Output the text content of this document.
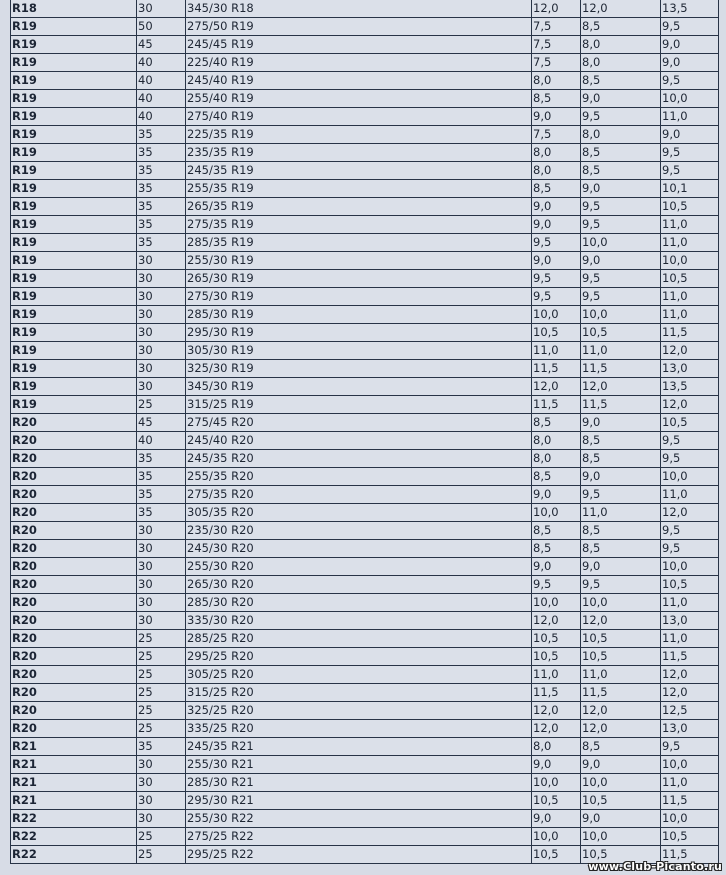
R18	30	345/30 R18	12,0	12,0	13,5
R19	50	275/50 R19	7,5	8,5	9,5
R19	45	245/45 R19	7,5	8,0	9,0
R19	40	225/40 R19	7,5	8,0	9,0
R19	40	245/40 R19	8,0	8,5	9,5
R19	40	255/40 R19	8,5	9,0	10,0
R19	40	275/40 R19	9,0	9,5	11,0
R19	35	225/35 R19	7,5	8,0	9,0
R19	35	235/35 R19	8,0	8,5	9,5
R19	35	245/35 R19	8,0	8,5	9,5
R19	35	255/35 R19	8,5	9,0	10,1
R19	35	265/35 R19	9,0	9,5	10,5
R19	35	275/35 R19	9,0	9,5	11,0
R19	35	285/35 R19	9,5	10,0	11,0
R19	30	255/30 R19	9,0	9,0	10,0
R19	30	265/30 R19	9,5	9,5	10,5
R19	30	275/30 R19	9,5	9,5	11,0
R19	30	285/30 R19	10,0	10,0	11,0
R19	30	295/30 R19	10,5	10,5	11,5
R19	30	305/30 R19	11,0	11,0	12,0
R19	30	325/30 R19	11,5	11,5	13,0
R19	30	345/30 R19	12,0	12,0	13,5
R19	25	315/25 R19	11,5	11,5	12,0
R20	45	275/45 R20	8,5	9,0	10,5
R20	40	245/40 R20	8,0	8,5	9,5
R20	35	245/35 R20	8,0	8,5	9,5
R20	35	255/35 R20	8,5	9,0	10,0
R20	35	275/35 R20	9,0	9,5	11,0
R20	35	305/35 R20	10,0	11,0	12,0
R20	30	235/30 R20	8,5	8,5	9,5
R20	30	245/30 R20	8,5	8,5	9,5
R20	30	255/30 R20	9,0	9,0	10,0
R20	30	265/30 R20	9,5	9,5	10,5
R20	30	285/30 R20	10,0	10,0	11,0
R20	30	335/30 R20	12,0	12,0	13,0
R20	25	285/25 R20	10,5	10,5	11,0
R20	25	295/25 R20	10,5	10,5	11,5
R20	25	305/25 R20	11,0	11,0	12,0
R20	25	315/25 R20	11,5	11,5	12,0
R20	25	325/25 R20	12,0	12,0	12,5
R20	25	335/25 R20	12,0	12,0	13,0
R21	35	245/35 R21	8,0	8,5	9,5
R21	30	255/30 R21	9,0	9,0	10,0
R21	30	285/30 R21	10,0	10,0	11,0
R21	30	295/30 R21	10,5	10,5	11,5
R22	30	255/30 R22	9,0	9,0	10,0
R22	25	275/25 R22	10,0	10,0	10,5
R22	25	295/25 R22	10,5	10,5	11,5
www.Club-Picanto.ru
